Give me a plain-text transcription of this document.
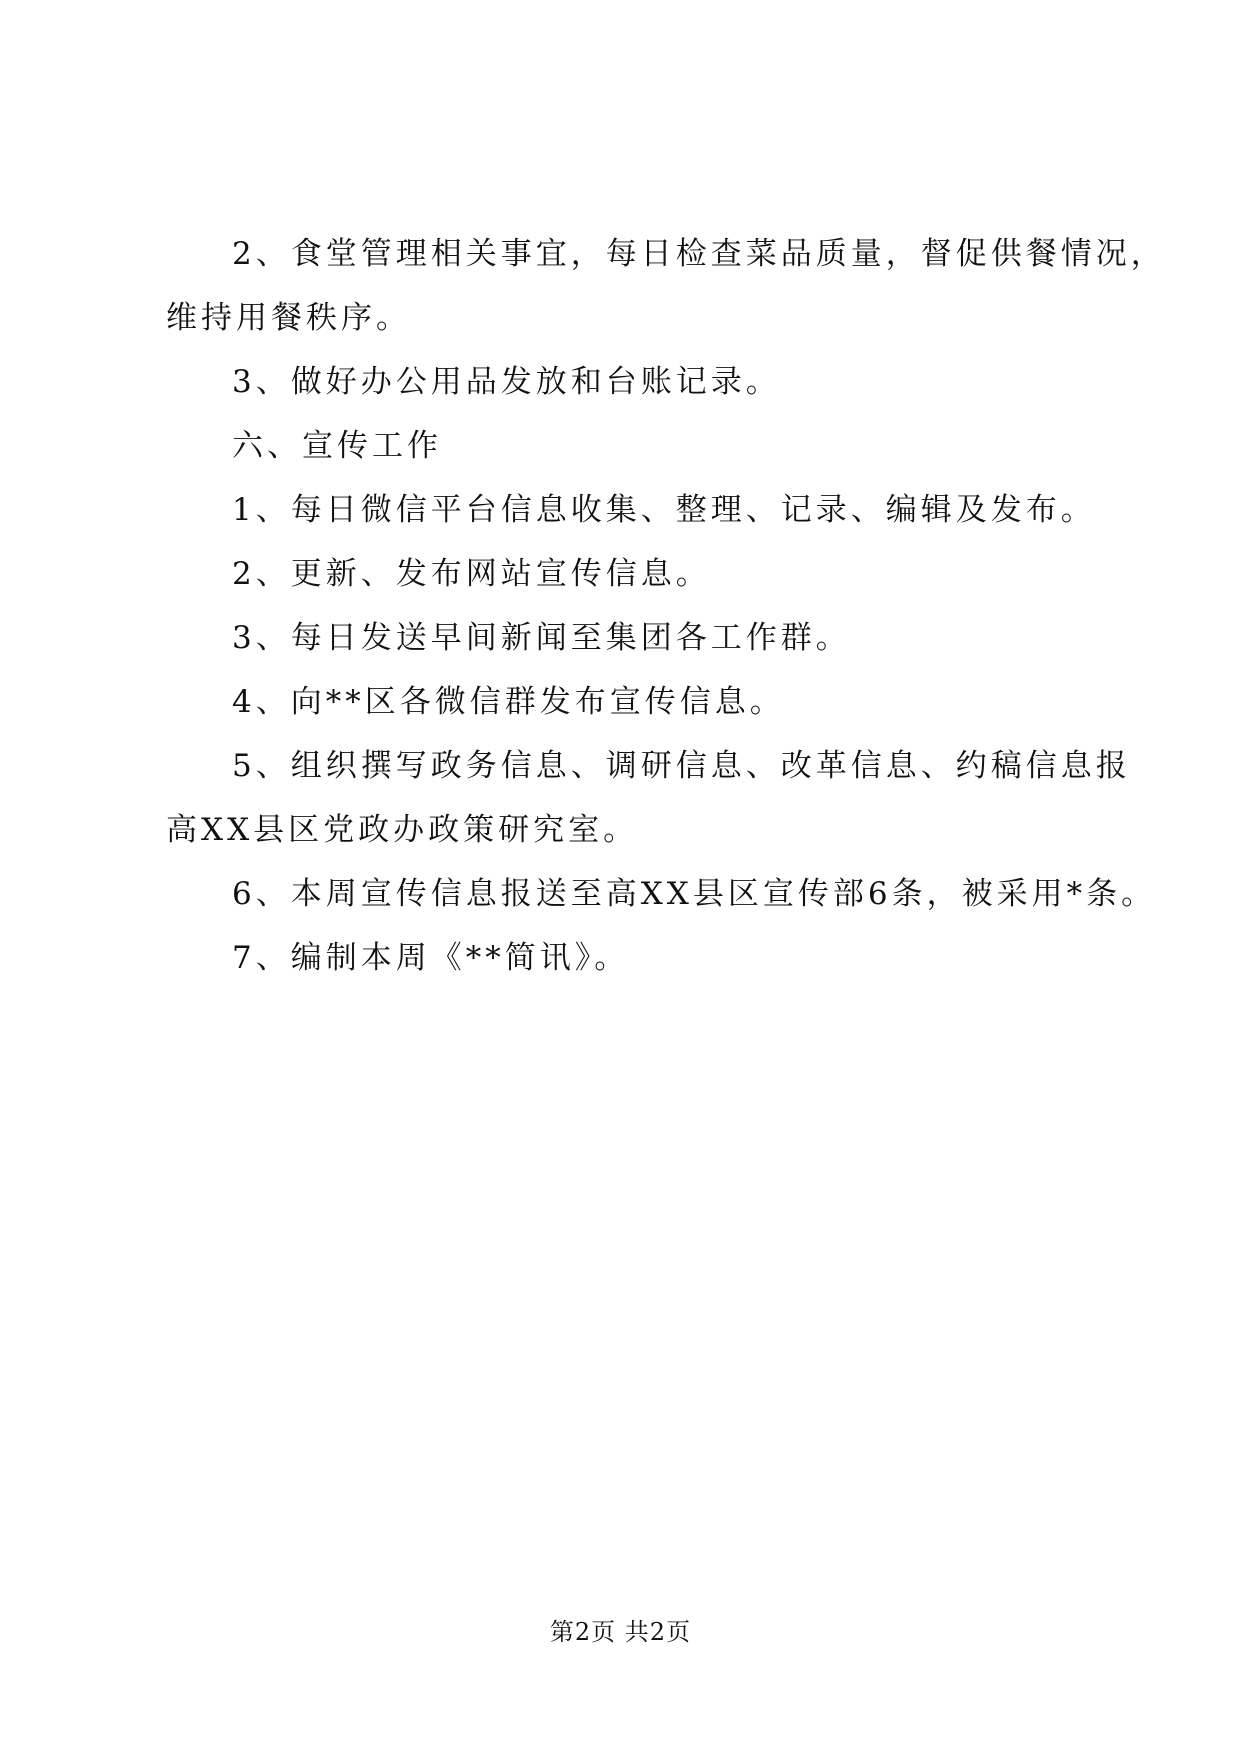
2、食堂管理相关事宜，每日检查菜品质量，督促供餐情况，

维持用餐秩序。

3、做好办公用品发放和台账记录。

六、宣传工作

1、每日微信平台信息收集、整理、记录、编辑及发布。

2、更新、发布网站宣传信息。

3、每日发送早间新闻至集团各工作群。

4、向**区各微信群发布宣传信息。

5、组织撰写政务信息、调研信息、改革信息、约稿信息报

高XX县区党政办政策研究室。

6、本周宣传信息报送至高XX县区宣传部6条，被采用*条。

7、编制本周《**简讯》。

第2页 共2页
